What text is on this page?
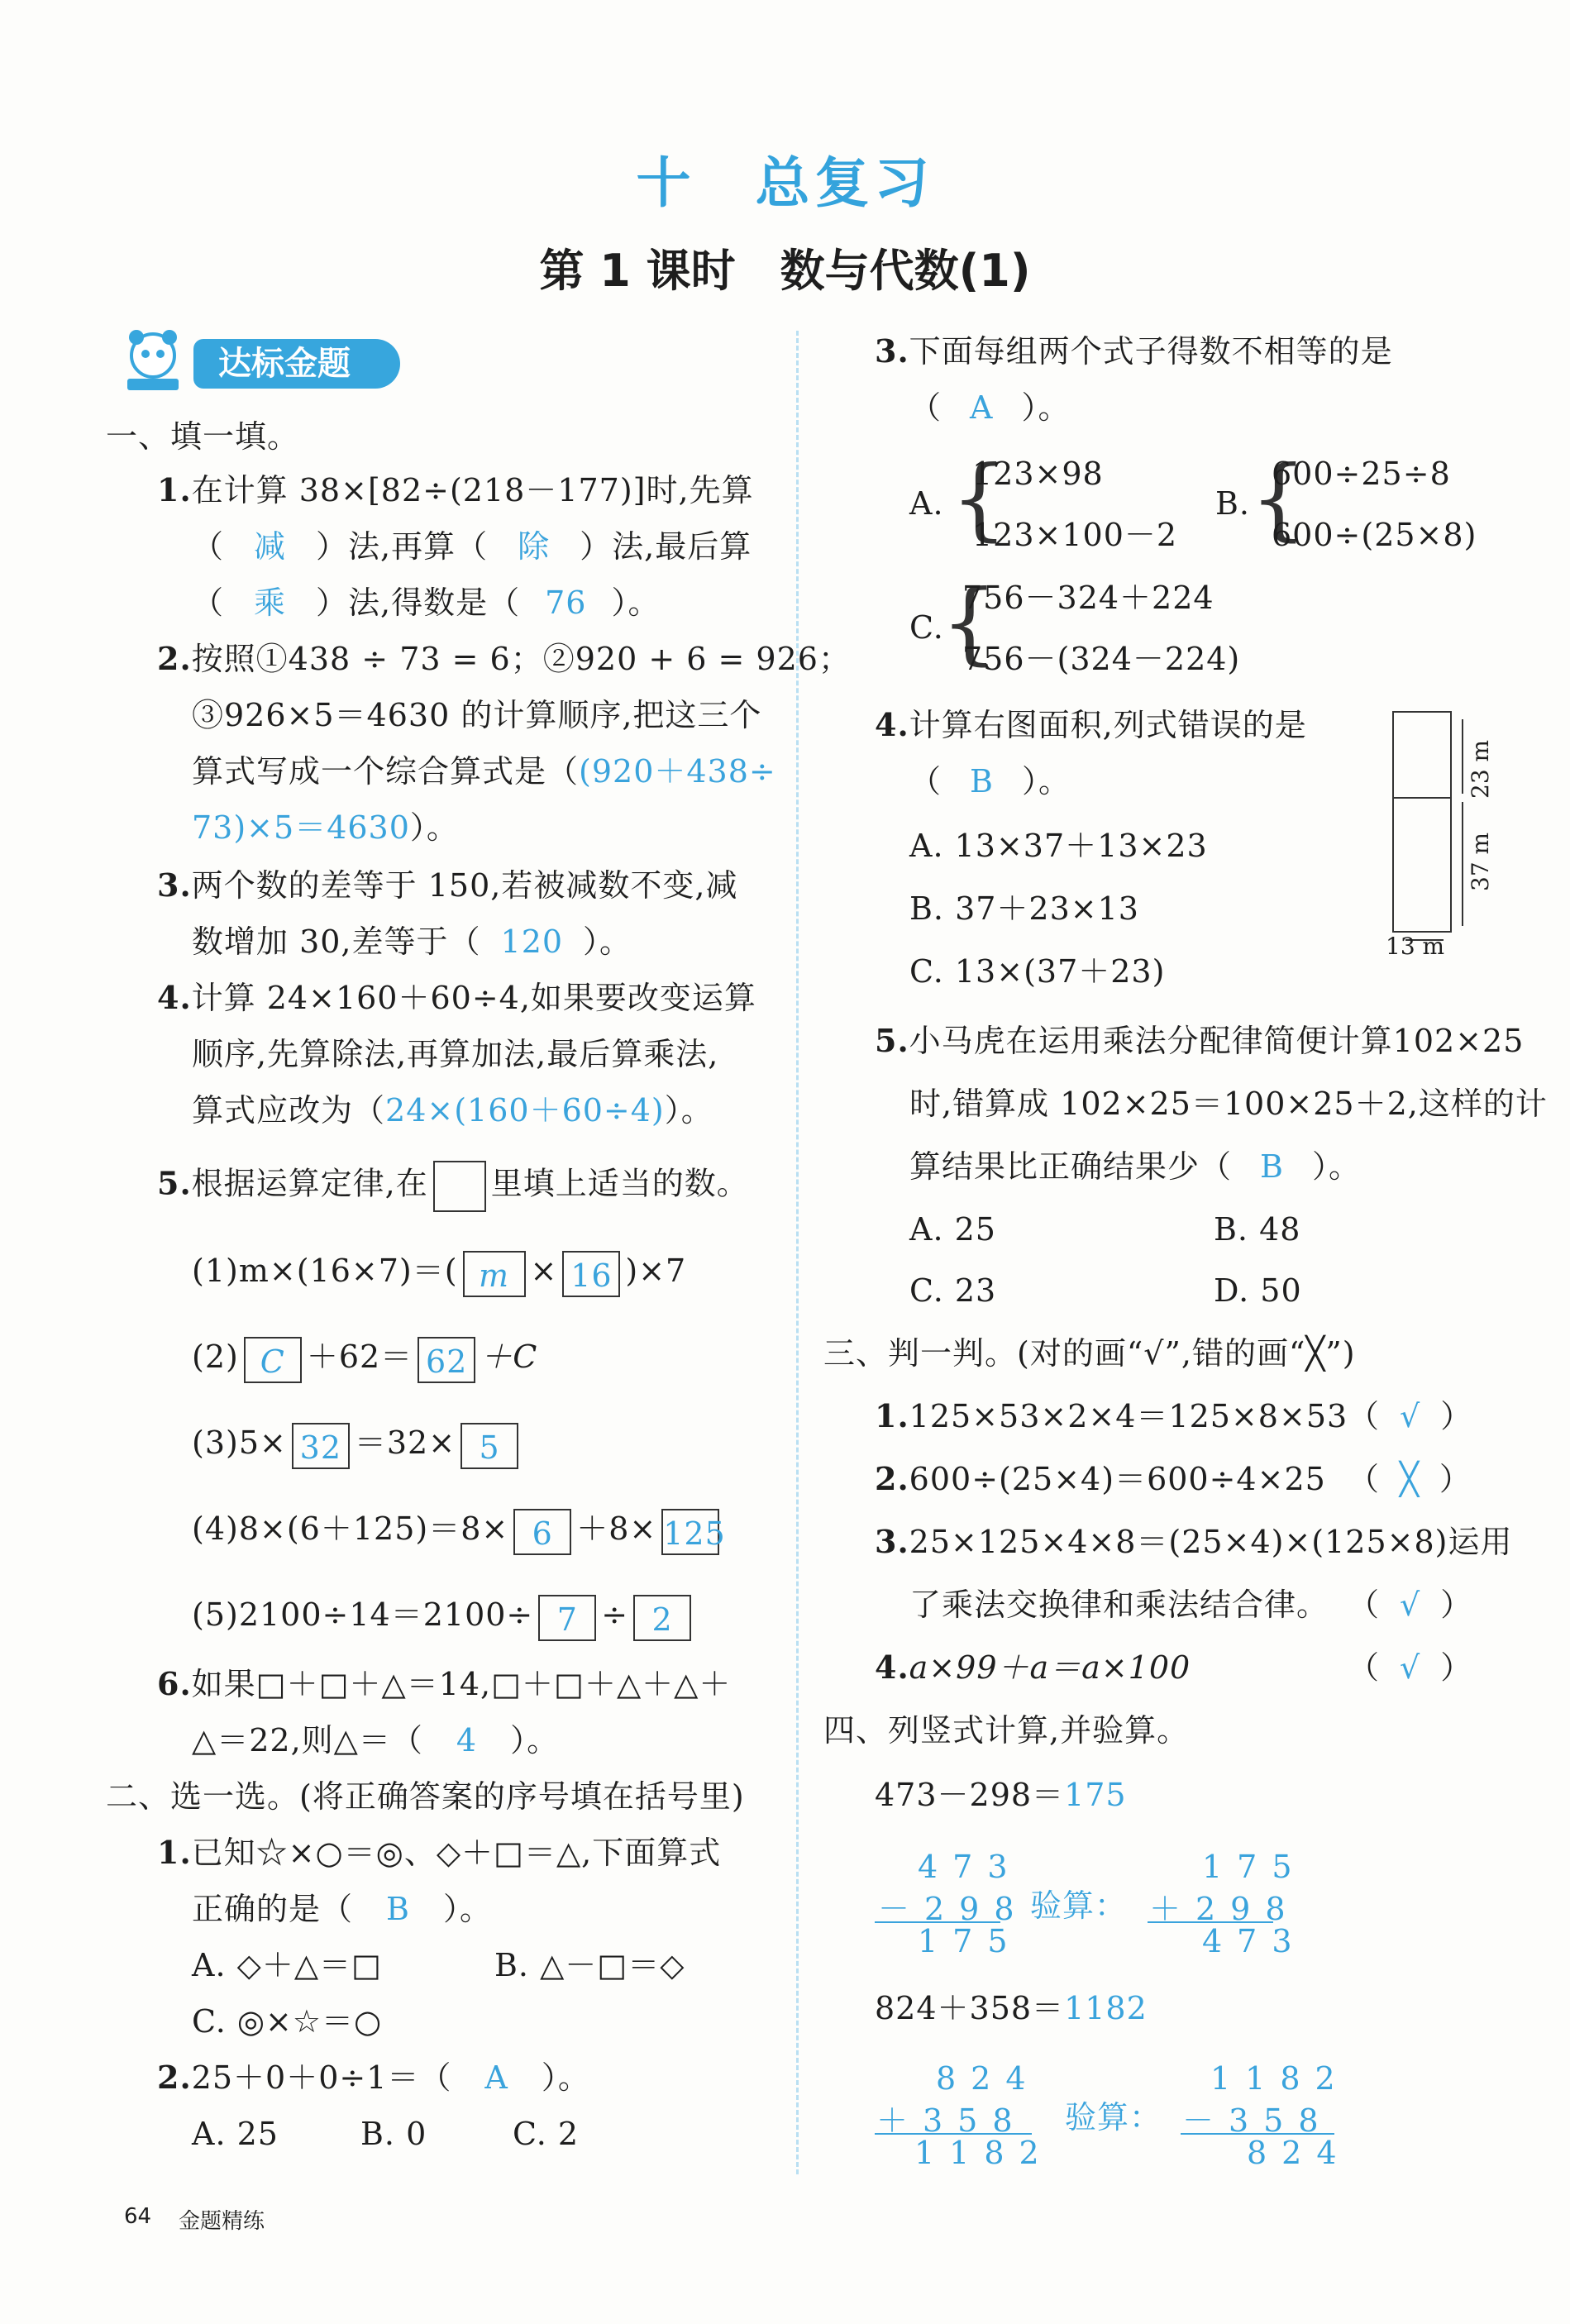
十　总复习
第 1 课时　数与代数(1)
达标金题
一、填一填。
1.在计算 38×[82÷(218－177)]时,先算
（ 减 ）法,再算（ 除 ）法,最后算
（ 乘 ）法,得数是（ 76 ）。
2.按照①438 ÷ 73 = 6；②920 + 6 = 926；
③926×5＝4630 的计算顺序,把这三个
算式写成一个综合算式是（(920＋438÷
73)×5＝4630）。
3.两个数的差等于 150,若被减数不变,减
数增加 30,差等于（ 120 ）。
4.计算 24×160＋60÷4,如果要改变运算
顺序,先算除法,再算加法,最后算乘法,
算式应改为（24×(160＋60÷4)）。
5.根据运算定律,在 里填上适当的数。
(1)m×(16×7)＝( m × 16 )×7
(2) C ＋62＝ 62 ＋C
(3)5× 32 ＝32× 5
(4)8×(6＋125)＝8× 6 ＋8× 125
(5)2100÷14＝2100÷ 7 ÷ 2
6.如果□＋□＋△＝14,□＋□＋△＋△＋
△＝22,则△＝（ 4 ）。
二、选一选。(将正确答案的序号填在括号里)
1.已知☆×○＝◎、◇＋□＝△,下面算式
正确的是（ B ）。
A. ◇＋△＝□	B. △－□＝◇
C. ◎×☆＝○
2.25＋0＋0÷1＝（ A ）。
A. 25	B. 0	C. 2
3.下面每组两个式子得数不相等的是
（ A ）。
A. {
123×98
123×100－2
B. {
600÷25÷8
600÷(25×8)
C.
{
756－324＋224
756－(324－224)
4.计算右图面积,列式错误的是
（ B ）。
A. 13×37＋13×23
B. 37＋23×13
C. 13×(37＋23)
23 m
37 m
13 m
5.小马虎在运用乘法分配律简便计算102×25
时,错算成 102×25＝100×25＋2,这样的计
算结果比正确结果少（ B ）。
A. 25	B. 48
C. 23	D. 50
三、判一判。(对的画“√”,错的画“╳”)
1.125×53×2×4＝125×8×53 （ √ ）
2.600÷(25×4)＝600÷4×25 （ ╳ ）
3.25×125×4×8＝(25×4)×(125×8)运用
了乘法交换律和乘法结合律。 （ √ ）
4.a×99＋a＝a×100	（ √ ）
四、列竖式计算,并验算。
473－298＝175
473
－298
175
验算：
175
＋298
473
824＋358＝1182
824
＋358
1182
验算：
1182
－358
824
64 金题精练
